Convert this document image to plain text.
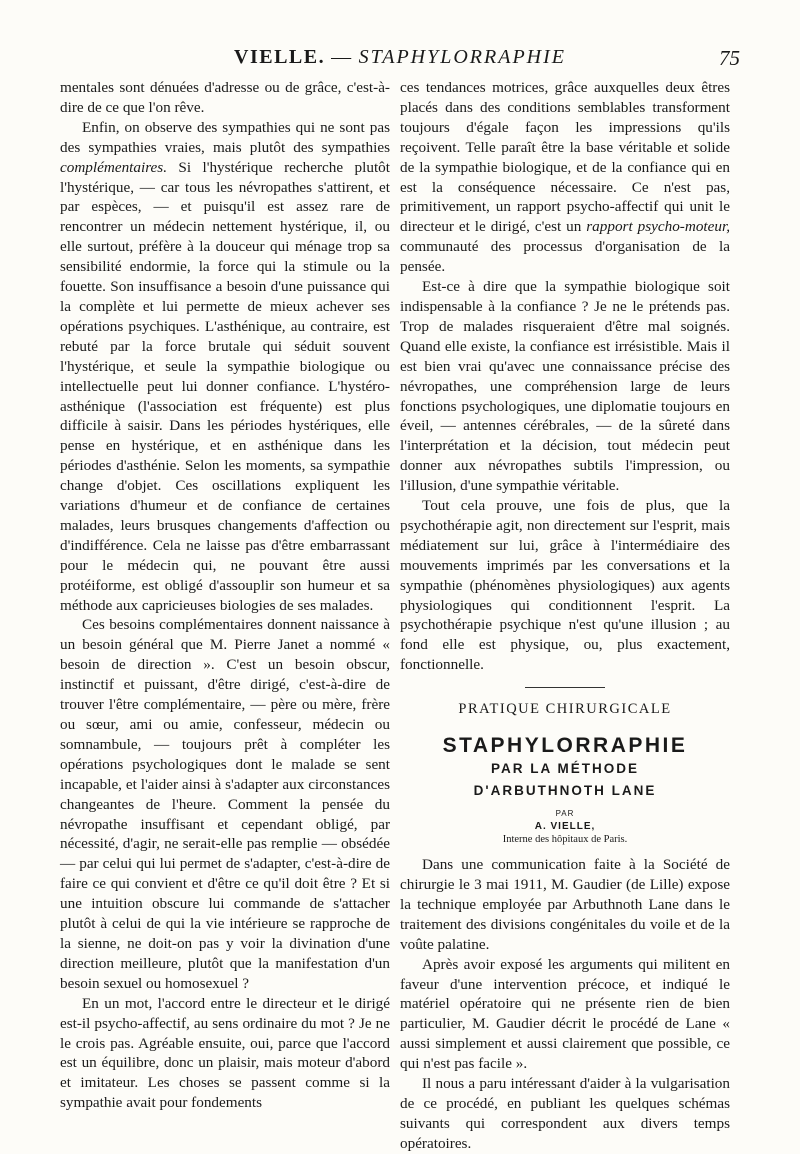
VIELLE. — STAPHYLORRAPHIE	75

mentales sont dénuées d'adresse ou de grâce, c'est-à-dire de ce que l'on rêve.

Enfin, on observe des sympathies qui ne sont pas des sympathies vraies, mais plutôt des sympathies complémentaires. Si l'hystérique recherche plutôt l'hystérique, — car tous les névropathes s'attirent, et par espèces, — et puisqu'il est assez rare de rencontrer un médecin nettement hystérique, il, ou elle surtout, préfère à la douceur qui ménage trop sa sensibilité endormie, la force qui la stimule ou la fouette. Son insuffisance a besoin d'une puissance qui la complète et lui permette de mieux achever ses opérations psychiques. L'asthénique, au contraire, est rebuté par la force brutale qui séduit souvent l'hystérique, et seule la sympathie biologique ou intellectuelle peut lui donner confiance. L'hystéro-asthénique (l'association est fréquente) est plus difficile à saisir. Dans les périodes hystériques, elle pense en hystérique, et en asthénique dans les périodes d'asthénie. Selon les moments, sa sympathie change d'objet. Ces oscillations expliquent les variations d'humeur et de confiance de certaines malades, leurs brusques changements d'affection ou d'indifférence. Cela ne laisse pas d'être embarrassant pour le médecin qui, ne pouvant être aussi protéiforme, est obligé d'assouplir son humeur et sa méthode aux capricieuses biologies de ses malades.

Ces besoins complémentaires donnent naissance à un besoin général que M. Pierre Janet a nommé « besoin de direction ». C'est un besoin obscur, instinctif et puissant, d'être dirigé, c'est-à-dire de trouver l'être complémentaire, — père ou mère, frère ou sœur, ami ou amie, confesseur, médecin ou somnambule, — toujours prêt à compléter les opérations psychologiques dont le malade se sent incapable, et l'aider ainsi à s'adapter aux circonstances changeantes de l'heure. Comment la pensée du névropathe insuffisant et cependant obligé, par nécessité, d'agir, ne serait-elle pas remplie — obsédée — par celui qui lui permet de s'adapter, c'est-à-dire de faire ce qui convient et d'être ce qu'il doit être ? Et si une intuition obscure lui commande de s'attacher plutôt à celui de qui la vie intérieure se rapproche de la sienne, ne doit-on pas y voir la divination d'une direction meilleure, plutôt que la manifestation d'un besoin sexuel ou homosexuel ?

En un mot, l'accord entre le directeur et le dirigé est-il psycho-affectif, au sens ordinaire du mot ? Je ne le crois pas. Agréable ensuite, oui, parce que l'accord est un équilibre, donc un plaisir, mais moteur d'abord et imitateur. Les choses se passent comme si la sympathie avait pour fondements

ces tendances motrices, grâce auxquelles deux êtres placés dans des conditions semblables transforment toujours d'égale façon les impressions qu'ils reçoivent. Telle paraît être la base véritable et solide de la sympathie biologique, et de la confiance qui en est la conséquence nécessaire. Ce n'est pas, primitivement, un rapport psycho-affectif qui unit le directeur et le dirigé, c'est un rapport psycho-moteur, communauté des processus d'organisation de la pensée.

Est-ce à dire que la sympathie biologique soit indispensable à la confiance ? Je ne le prétends pas. Trop de malades risqueraient d'être mal soignés. Quand elle existe, la confiance est irrésistible. Mais il est bien vrai qu'avec une connaissance précise des névropathes, une compréhension large de leurs fonctions psychologiques, une diplomatie toujours en éveil, — antennes cérébrales, — de la sûreté dans l'interprétation et la décision, tout médecin peut donner aux névropathes subtils l'impression, ou l'illusion, d'une sympathie véritable.

Tout cela prouve, une fois de plus, que la psychothérapie agit, non directement sur l'esprit, mais médiatement sur lui, grâce à l'intermédiaire des mouvements imprimés par les conversations et la sympathie (phénomènes physiologiques) aux agents physiologiques qui conditionnent l'esprit. La psychothérapie psychique n'est qu'une illusion ; au fond elle est physique, ou, plus exactement, fonctionnelle.

PRATIQUE CHIRURGICALE
STAPHYLORRAPHIE
PAR LA MÉTHODE
D'ARBUTHNOTH LANE
PAR
A. VIELLE,
Interne des hôpitaux de Paris.

Dans une communication faite à la Société de chirurgie le 3 mai 1911, M. Gaudier (de Lille) expose la technique employée par Arbuthnoth Lane dans le traitement des divisions congénitales du voile et de la voûte palatine.

Après avoir exposé les arguments qui militent en faveur d'une intervention précoce, et indiqué le matériel opératoire qui ne présente rien de bien particulier, M. Gaudier décrit le procédé de Lane « aussi simplement et aussi clairement que possible, ce qui n'est pas facile ».

Il nous a paru intéressant d'aider à la vulgarisation de ce procédé, en publiant les quelques schémas suivants qui correspondent aux divers temps opératoires.
